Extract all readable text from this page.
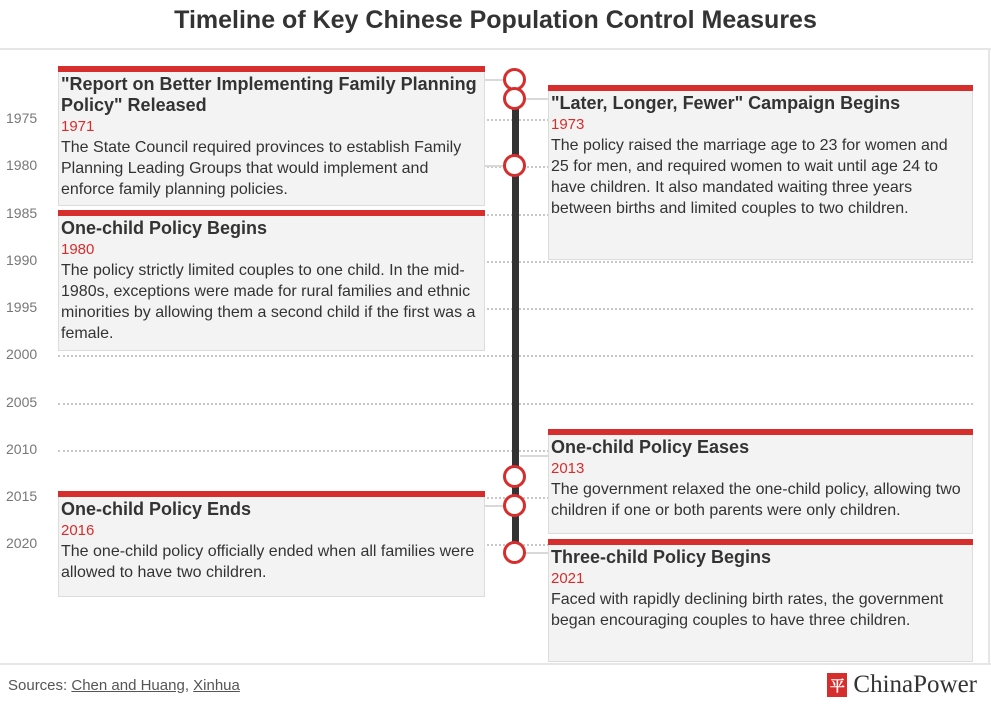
Timeline of Key Chinese Population Control Measures
1975
1980
1985
1990
1995
2000
2005
2010
2015
2020
"Report on Better Implementing Family Planning Policy" Released
1971
The State Council required provinces to establish Family Planning Leading Groups that would implement and enforce family planning policies.
"Later, Longer, Fewer" Campaign Begins
1973
The policy raised the marriage age to 23 for women and 25 for men, and required women to wait until age 24 to have children. It also mandated waiting three years between births and limited couples to two children.
One-child Policy Begins
1980
The policy strictly limited couples to one child. In the mid-1980s, exceptions were made for rural families and ethnic minorities by allowing them a second child if the first was a female.
One-child Policy Eases
2013
The government relaxed the one-child policy, allowing two children if one or both parents were only children.
One-child Policy Ends
2016
The one-child policy officially ended when all families were allowed to have two children.
Three-child Policy Begins
2021
Faced with rapidly declining birth rates, the government began encouraging couples to have three children.
Sources: Chen and Huang, Xinhua	平 ChinaPower
